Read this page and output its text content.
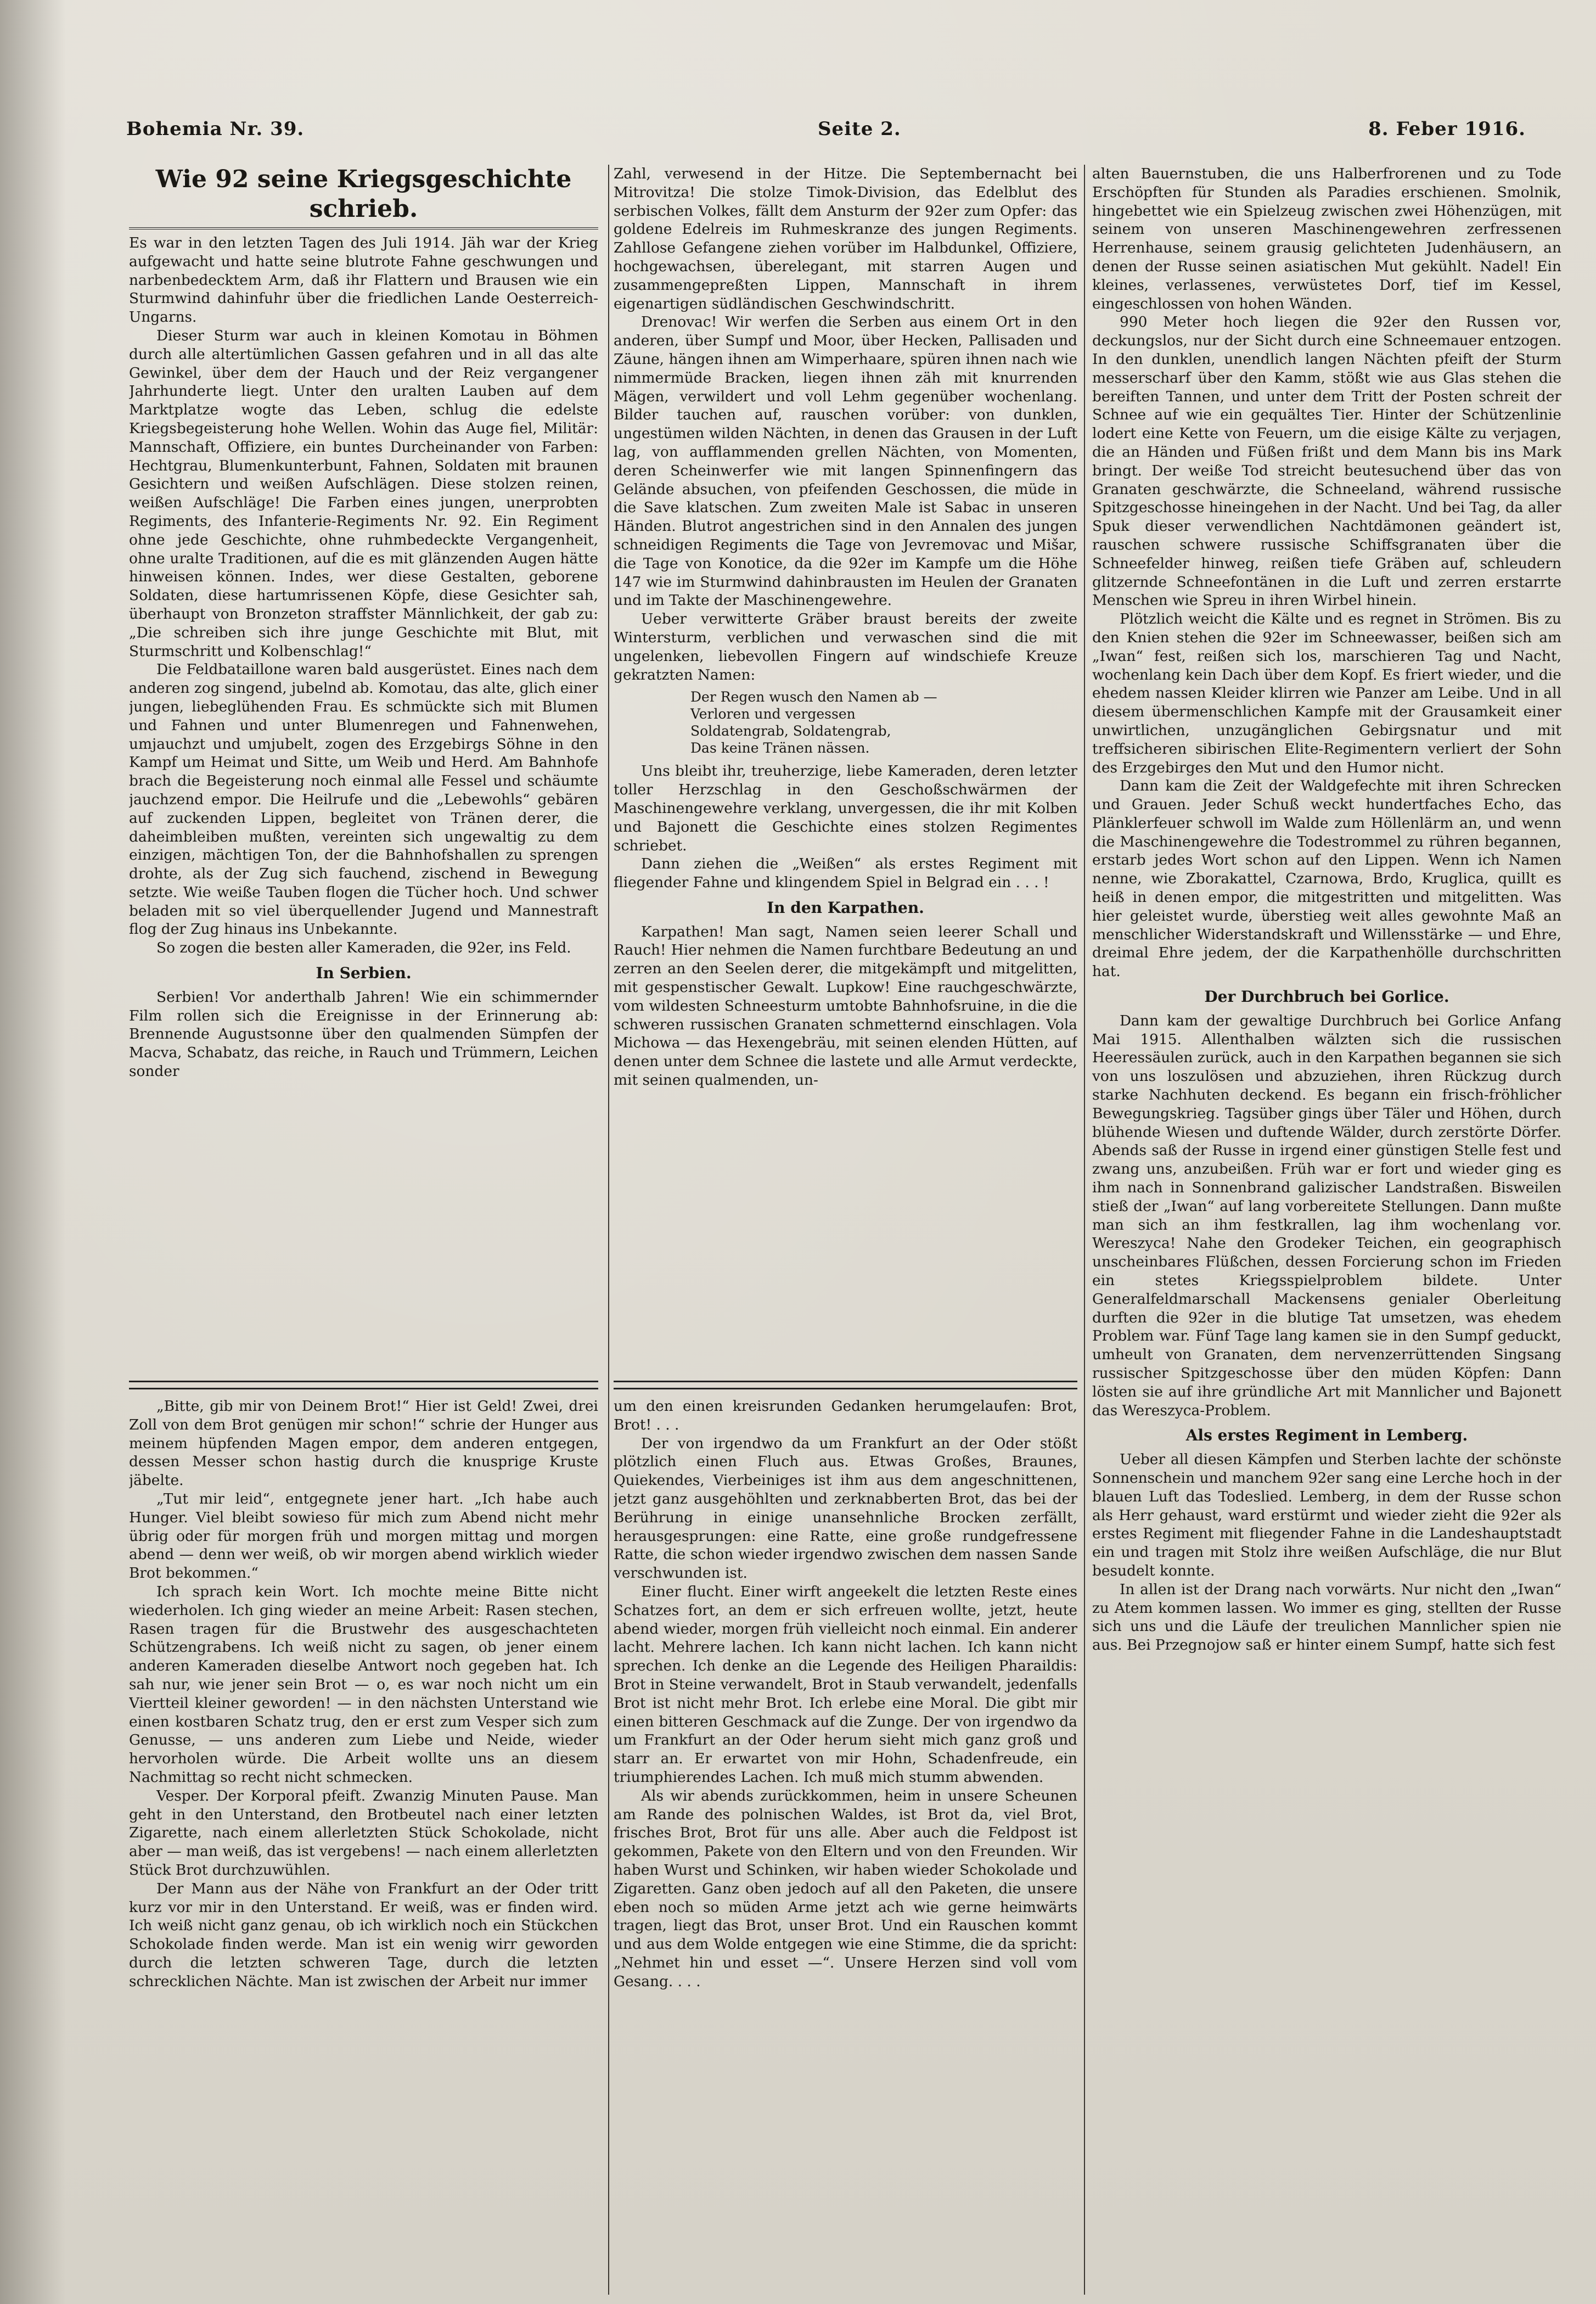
Bohemia Nr. 39.	Seite 2.	8. Feber 1916.
Wie 92 seine Kriegsgeschichte schrieb.

Es war in den letzten Tagen des Juli 1914. Jäh war der Krieg aufgewacht und hatte seine blutrote Fahne geschwungen und narbenbedecktem Arm, daß ihr Flattern und Brausen wie ein Sturmwind dahinfuhr über die friedlichen Lande Oesterreich-Ungarns.

Dieser Sturm war auch in kleinen Komotau in Böhmen durch alle altertümlichen Gassen gefahren und in all das alte Gewinkel, über dem der Hauch und der Reiz vergangener Jahrhunderte liegt. Unter den uralten Lauben auf dem Marktplatze wogte das Leben, schlug die edelste Kriegsbegeisterung hohe Wellen. Wohin das Auge fiel, Militär: Mannschaft, Offiziere, ein buntes Durcheinander von Farben: Hechtgrau, Blumenkunterbunt, Fahnen, Soldaten mit braunen Gesichtern und weißen Aufschlägen. Diese stolzen reinen, weißen Aufschläge! Die Farben eines jungen, unerprobten Regiments, des Infanterie-Regiments Nr. 92. Ein Regiment ohne jede Geschichte, ohne ruhmbedeckte Vergangenheit, ohne uralte Traditionen, auf die es mit glänzenden Augen hätte hinweisen können. Indes, wer diese Gestalten, geborene Soldaten, diese hartumrissenen Köpfe, diese Gesichter sah, überhaupt von Bronzeton straffster Männlichkeit, der gab zu: „Die schreiben sich ihre junge Geschichte mit Blut, mit Sturmschritt und Kolbenschlag!“

Die Feldbataillone waren bald ausgerüstet. Eines nach dem anderen zog singend, jubelnd ab. Komotau, das alte, glich einer jungen, liebeglühenden Frau. Es schmückte sich mit Blumen und Fahnen und unter Blumenregen und Fahnenwehen, umjauchzt und umjubelt, zogen des Erzgebirgs Söhne in den Kampf um Heimat und Sitte, um Weib und Herd. Am Bahnhofe brach die Begeisterung noch einmal alle Fessel und schäumte jauchzend empor. Die Heilrufe und die „Lebewohls“ gebären auf zuckenden Lippen, begleitet von Tränen derer, die daheimbleiben mußten, vereinten sich ungewaltig zu dem einzigen, mächtigen Ton, der die Bahnhofshallen zu sprengen drohte, als der Zug sich fauchend, zischend in Bewegung setzte. Wie weiße Tauben flogen die Tücher hoch. Und schwer beladen mit so viel überquellender Jugend und Mannestraft flog der Zug hinaus ins Unbekannte.

So zogen die besten aller Kameraden, die 92er, ins Feld.

In Serbien.

Serbien! Vor anderthalb Jahren! Wie ein schimmernder Film rollen sich die Ereignisse in der Erinnerung ab: Brennende Augustsonne über den qualmenden Sümpfen der Macva, Schabatz, das reiche, in Rauch und Trümmern, Leichen sonder

Zahl, verwesend in der Hitze. Die Septembernacht bei Mitrovitza! Die stolze Timok-Division, das Edelblut des serbischen Volkes, fällt dem Ansturm der 92er zum Opfer: das goldene Edelreis im Ruhmeskranze des jungen Regiments. Zahllose Gefangene ziehen vorüber im Halbdunkel, Offiziere, hochgewachsen, überelegant, mit starren Augen und zusammengepreßten Lippen, Mannschaft in ihrem eigenartigen südländischen Geschwindschritt.

Drenovac! Wir werfen die Serben aus einem Ort in den anderen, über Sumpf und Moor, über Hecken, Pallisaden und Zäune, hängen ihnen am Wimperhaare, spüren ihnen nach wie nimmermüde Bracken, liegen ihnen zäh mit knurrenden Mägen, verwildert und voll Lehm gegenüber wochenlang. Bilder tauchen auf, rauschen vorüber: von dunklen, ungestümen wilden Nächten, in denen das Grausen in der Luft lag, von aufflammenden grellen Nächten, von Momenten, deren Scheinwerfer wie mit langen Spinnenfingern das Gelände absuchen, von pfeifenden Geschossen, die müde in die Save klatschen. Zum zweiten Male ist Sabac in unseren Händen. Blutrot angestrichen sind in den Annalen des jungen schneidigen Regiments die Tage von Jevremovac und Mišar, die Tage von Konotice, da die 92er im Kampfe um die Höhe 147 wie im Sturmwind dahinbrausten im Heulen der Granaten und im Takte der Maschinengewehre.

Ueber verwitterte Gräber braust bereits der zweite Wintersturm, verblichen und verwaschen sind die mit ungelenken, liebevollen Fingern auf windschiefe Kreuze gekratzten Namen:

Der Regen wusch den Namen ab —
Verloren und vergessen
Soldatengrab, Soldatengrab,
Das keine Tränen nässen.

Uns bleibt ihr, treuherzige, liebe Kameraden, deren letzter toller Herzschlag in den Geschoßschwärmen der Maschinengewehre verklang, unvergessen, die ihr mit Kolben und Bajonett die Geschichte eines stolzen Regimentes schriebet.

Dann ziehen die „Weißen“ als erstes Regiment mit fliegender Fahne und klingendem Spiel in Belgrad ein . . . !

In den Karpathen.

Karpathen! Man sagt, Namen seien leerer Schall und Rauch! Hier nehmen die Namen furchtbare Bedeutung an und zerren an den Seelen derer, die mitgekämpft und mitgelitten, mit gespenstischer Gewalt. Lupkow! Eine rauchgeschwärzte, vom wildesten Schneesturm umtobte Bahnhofsruine, in die die schweren russischen Granaten schmetternd einschlagen. Vola Michowa — das Hexengebräu, mit seinen elenden Hütten, auf denen unter dem Schnee die lastete und alle Armut verdeckte, mit seinen qualmenden, un-

alten Bauernstuben, die uns Halberfrorenen und zu Tode Erschöpften für Stunden als Paradies erschienen. Smolnik, hingebettet wie ein Spielzeug zwischen zwei Höhenzügen, mit seinem von unseren Maschinengewehren zerfressenen Herrenhause, seinem grausig gelichteten Judenhäusern, an denen der Russe seinen asiatischen Mut gekühlt. Nadel! Ein kleines, verlassenes, verwüstetes Dorf, tief im Kessel, eingeschlossen von hohen Wänden.

990 Meter hoch liegen die 92er den Russen vor, deckungslos, nur der Sicht durch eine Schneemauer entzogen. In den dunklen, unendlich langen Nächten pfeift der Sturm messerscharf über den Kamm, stößt wie aus Glas stehen die bereiften Tannen, und unter dem Tritt der Posten schreit der Schnee auf wie ein gequältes Tier. Hinter der Schützenlinie lodert eine Kette von Feuern, um die eisige Kälte zu verjagen, die an Händen und Füßen frißt und dem Mann bis ins Mark bringt. Der weiße Tod streicht beutesuchend über das von Granaten geschwärzte, die Schneeland, während russische Spitzgeschosse hineingehen in der Nacht. Und bei Tag, da aller Spuk dieser verwendlichen Nachtdämonen geändert ist, rauschen schwere russische Schiffsgranaten über die Schneefelder hinweg, reißen tiefe Gräben auf, schleudern glitzernde Schneefontänen in die Luft und zerren erstarrte Menschen wie Spreu in ihren Wirbel hinein.

Plötzlich weicht die Kälte und es regnet in Strömen. Bis zu den Knien stehen die 92er im Schneewasser, beißen sich am „Iwan“ fest, reißen sich los, marschieren Tag und Nacht, wochenlang kein Dach über dem Kopf. Es friert wieder, und die ehedem nassen Kleider klirren wie Panzer am Leibe. Und in all diesem übermenschlichen Kampfe mit der Grausamkeit einer unwirtlichen, unzugänglichen Gebirgsnatur und mit treffsicheren sibirischen Elite-Regimentern verliert der Sohn des Erzgebirges den Mut und den Humor nicht.

Dann kam die Zeit der Waldgefechte mit ihren Schrecken und Grauen. Jeder Schuß weckt hundertfaches Echo, das Plänklerfeuer schwoll im Walde zum Höllenlärm an, und wenn die Maschinengewehre die Todestrommel zu rühren begannen, erstarb jedes Wort schon auf den Lippen. Wenn ich Namen nenne, wie Zborakattel, Czarnowa, Brdo, Kruglica, quillt es heiß in denen empor, die mitgestritten und mitgelitten. Was hier geleistet wurde, überstieg weit alles gewohnte Maß an menschlicher Widerstandskraft und Willensstärke — und Ehre, dreimal Ehre jedem, der die Karpathenhölle durchschritten hat.

Der Durchbruch bei Gorlice.

Dann kam der gewaltige Durchbruch bei Gorlice Anfang Mai 1915. Allenthalben wälzten sich die russischen Heeressäulen zurück, auch in den Karpathen begannen sie sich von uns loszulösen und abzuziehen, ihren Rückzug durch starke Nachhuten deckend. Es begann ein frisch-fröhlicher Bewegungskrieg. Tagsüber gings über Täler und Höhen, durch blühende Wiesen und duftende Wälder, durch zerstörte Dörfer. Abends saß der Russe in irgend einer günstigen Stelle fest und zwang uns, anzubeißen. Früh war er fort und wieder ging es ihm nach in Sonnenbrand galizischer Landstraßen. Bisweilen stieß der „Iwan“ auf lang vorbereitete Stellungen. Dann mußte man sich an ihm festkrallen, lag ihm wochenlang vor. Wereszyca! Nahe den Grodeker Teichen, ein geographisch unscheinbares Flüßchen, dessen Forcierung schon im Frieden ein stetes Kriegsspielproblem bildete. Unter Generalfeldmarschall Mackensens genialer Oberleitung durften die 92er in die blutige Tat umsetzen, was ehedem Problem war. Fünf Tage lang kamen sie in den Sumpf geduckt, umheult von Granaten, dem nervenzerrüttenden Singsang russischer Spitzgeschosse über den müden Köpfen: Dann lösten sie auf ihre gründliche Art mit Mannlicher und Bajonett das Wereszyca-Problem.

Als erstes Regiment in Lemberg.

Ueber all diesen Kämpfen und Sterben lachte der schönste Sonnenschein und manchem 92er sang eine Lerche hoch in der blauen Luft das Todeslied. Lemberg, in dem der Russe schon als Herr gehaust, ward erstürmt und wieder zieht die 92er als erstes Regiment mit fliegender Fahne in die Landeshauptstadt ein und tragen mit Stolz ihre weißen Aufschläge, die nur Blut besudelt konnte.

In allen ist der Drang nach vorwärts. Nur nicht den „Iwan“ zu Atem kommen lassen. Wo immer es ging, stellten der Russe sich uns und die Läufe der treulichen Mannlicher spien nie aus. Bei Przegnojow saß er hinter einem Sumpf, hatte sich fest

„Bitte, gib mir von Deinem Brot!“ Hier ist Geld! Zwei, drei Zoll von dem Brot genügen mir schon!“ schrie der Hunger aus meinem hüpfenden Magen empor, dem anderen entgegen, dessen Messer schon hastig durch die knusprige Kruste jäbelte.

„Tut mir leid“, entgegnete jener hart. „Ich habe auch Hunger. Viel bleibt sowieso für mich zum Abend nicht mehr übrig oder für morgen früh und morgen mittag und morgen abend — denn wer weiß, ob wir morgen abend wirklich wieder Brot bekommen.“

Ich sprach kein Wort. Ich mochte meine Bitte nicht wiederholen. Ich ging wieder an meine Arbeit: Rasen stechen, Rasen tragen für die Brustwehr des ausgeschachteten Schützengrabens. Ich weiß nicht zu sagen, ob jener einem anderen Kameraden dieselbe Antwort noch gegeben hat. Ich sah nur, wie jener sein Brot — o, es war noch nicht um ein Viertteil kleiner geworden! — in den nächsten Unterstand wie einen kostbaren Schatz trug, den er erst zum Vesper sich zum Genusse, — uns anderen zum Liebe und Neide, wieder hervorholen würde. Die Arbeit wollte uns an diesem Nachmittag so recht nicht schmecken.

Vesper. Der Korporal pfeift. Zwanzig Minuten Pause. Man geht in den Unterstand, den Brotbeutel nach einer letzten Zigarette, nach einem allerletzten Stück Schokolade, nicht aber — man weiß, das ist vergebens! — nach einem allerletzten Stück Brot durchzuwühlen.

Der Mann aus der Nähe von Frankfurt an der Oder tritt kurz vor mir in den Unterstand. Er weiß, was er finden wird. Ich weiß nicht ganz genau, ob ich wirklich noch ein Stückchen Schokolade finden werde. Man ist ein wenig wirr geworden durch die letzten schweren Tage, durch die letzten schrecklichen Nächte. Man ist zwischen der Arbeit nur immer

um den einen kreisrunden Gedanken herumgelaufen: Brot, Brot! . . .

Der von irgendwo da um Frankfurt an der Oder stößt plötzlich einen Fluch aus. Etwas Großes, Braunes, Quiekendes, Vierbeiniges ist ihm aus dem angeschnittenen, jetzt ganz ausgehöhlten und zerknabberten Brot, das bei der Berührung in einige unansehnliche Brocken zerfällt, herausgesprungen: eine Ratte, eine große rundgefressene Ratte, die schon wieder irgendwo zwischen dem nassen Sande verschwunden ist.

Einer flucht. Einer wirft angeekelt die letzten Reste eines Schatzes fort, an dem er sich erfreuen wollte, jetzt, heute abend wieder, morgen früh vielleicht noch einmal. Ein anderer lacht. Mehrere lachen. Ich kann nicht lachen. Ich kann nicht sprechen. Ich denke an die Legende des Heiligen Pharaildis: Brot in Steine verwandelt, Brot in Staub verwandelt, jedenfalls Brot ist nicht mehr Brot. Ich erlebe eine Moral. Die gibt mir einen bitteren Geschmack auf die Zunge. Der von irgendwo da um Frankfurt an der Oder herum sieht mich ganz groß und starr an. Er erwartet von mir Hohn, Schadenfreude, ein triumphierendes Lachen. Ich muß mich stumm abwenden.

Als wir abends zurückkommen, heim in unsere Scheunen am Rande des polnischen Waldes, ist Brot da, viel Brot, frisches Brot, Brot für uns alle. Aber auch die Feldpost ist gekommen, Pakete von den Eltern und von den Freunden. Wir haben Wurst und Schinken, wir haben wieder Schokolade und Zigaretten. Ganz oben jedoch auf all den Paketen, die unsere eben noch so müden Arme jetzt ach wie gerne heimwärts tragen, liegt das Brot, unser Brot. Und ein Rauschen kommt und aus dem Wolde entgegen wie eine Stimme, die da spricht: „Nehmet hin und esset —“. Unsere Herzen sind voll vom Gesang. . . .
